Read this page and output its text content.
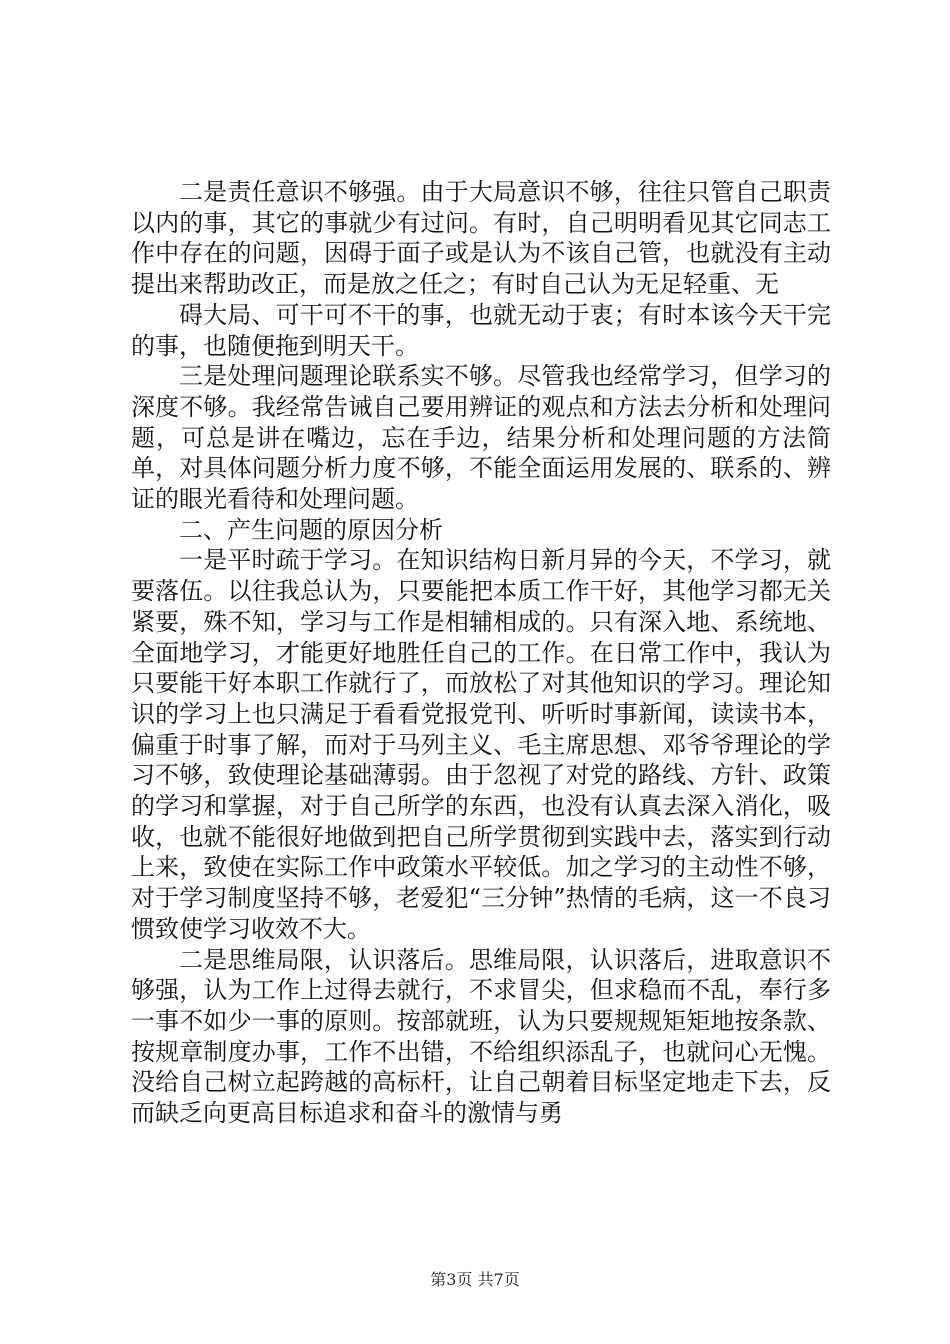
二是责任意识不够强。由于大局意识不够，往往只管自己职责以内的事，其它的事就少有过问。有时，自己明明看见其它同志工作中存在的问题，因碍于面子或是认为不该自己管，也就没有主动提出来帮助改正，而是放之任之；有时自己认为无足轻重、无

碍大局、可干可不干的事，也就无动于衷；有时本该今天干完的事，也随便拖到明天干。

三是处理问题理论联系实不够。尽管我也经常学习，但学习的深度不够。我经常告诫自己要用辨证的观点和方法去分析和处理问题，可总是讲在嘴边，忘在手边，结果分析和处理问题的方法简单，对具体问题分析力度不够，不能全面运用发展的、联系的、辨证的眼光看待和处理问题。

二、产生问题的原因分析

一是平时疏于学习。在知识结构日新月异的今天，不学习，就要落伍。以往我总认为，只要能把本质工作干好，其他学习都无关紧要，殊不知，学习与工作是相辅相成的。只有深入地、系统地、全面地学习，才能更好地胜任自己的工作。在日常工作中，我认为只要能干好本职工作就行了，而放松了对其他知识的学习。理论知识的学习上也只满足于看看党报党刊、听听时事新闻，读读书本，偏重于时事了解，而对于马列主义、毛主席思想、邓爷爷理论的学习不够，致使理论基础薄弱。由于忽视了对党的路线、方针、政策的学习和掌握，对于自己所学的东西，也没有认真去深入消化，吸收，也就不能很好地做到把自己所学贯彻到实践中去，落实到行动上来，致使在实际工作中政策水平较低。加之学习的主动性不够，对于学习制度坚持不够，老爱犯“三分钟”热情的毛病，这一不良习惯致使学习收效不大。

二是思维局限，认识落后。思维局限，认识落后，进取意识不够强，认为工作上过得去就行，不求冒尖，但求稳而不乱，奉行多一事不如少一事的原则。按部就班，认为只要规规矩矩地按条款、按规章制度办事，工作不出错，不给组织添乱子，也就问心无愧。没给自己树立起跨越的高标杆，让自己朝着目标坚定地走下去，反而缺乏向更高目标追求和奋斗的激情与勇

第3页 共7页
